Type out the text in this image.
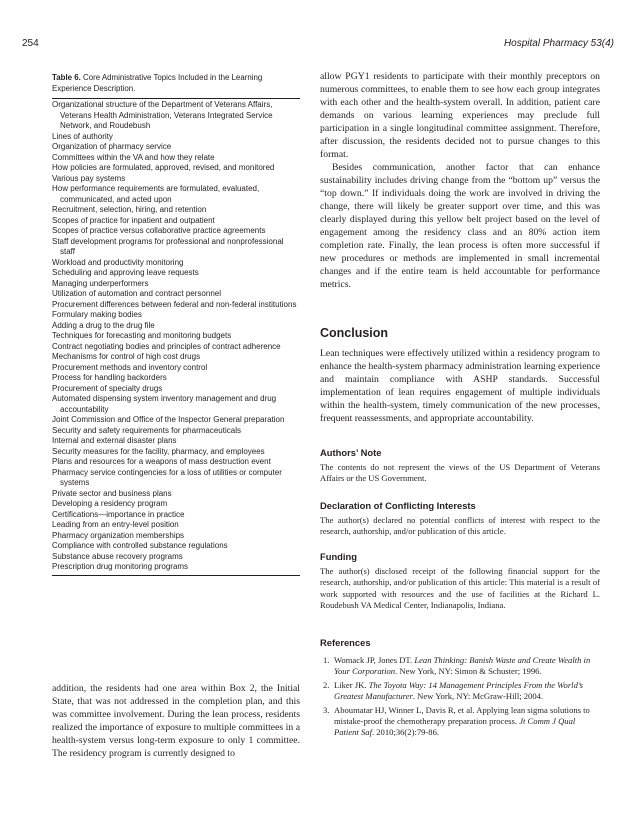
254	Hospital Pharmacy 53(4)
Table 6. Core Administrative Topics Included in the Learning Experience Description.
Organizational structure of the Department of Veterans Affairs, Veterans Health Administration, Veterans Integrated Service Network, and Roudebush
Lines of authority
Organization of pharmacy service
Committees within the VA and how they relate
How policies are formulated, approved, revised, and monitored
Various pay systems
How performance requirements are formulated, evaluated, communicated, and acted upon
Recruitment, selection, hiring, and retention
Scopes of practice for inpatient and outpatient
Scopes of practice versus collaborative practice agreements
Staff development programs for professional and nonprofessional staff
Workload and productivity monitoring
Scheduling and approving leave requests
Managing underperformers
Utilization of automation and contract personnel
Procurement differences between federal and non-federal institutions
Formulary making bodies
Adding a drug to the drug file
Techniques for forecasting and monitoring budgets
Contract negotiating bodies and principles of contract adherence
Mechanisms for control of high cost drugs
Procurement methods and inventory control
Process for handling backorders
Procurement of specialty drugs
Automated dispensing system inventory management and drug accountability
Joint Commission and Office of the Inspector General preparation
Security and safety requirements for pharmaceuticals
Internal and external disaster plans
Security measures for the facility, pharmacy, and employees
Plans and resources for a weapons of mass destruction event
Pharmacy service contingencies for a loss of utilities or computer systems
Private sector and business plans
Developing a residency program
Certifications—importance in practice
Leading from an entry-level position
Pharmacy organization memberships
Compliance with controlled substance regulations
Substance abuse recovery programs
Prescription drug monitoring programs

addition, the residents had one area within Box 2, the Initial State, that was not addressed in the completion plan, and this was committee involvement. During the lean process, residents realized the importance of exposure to multiple committees in a health-system versus long-term exposure to only 1 committee. The residency program is currently designed to

allow PGY1 residents to participate with their monthly preceptors on numerous committees, to enable them to see how each group integrates with each other and the health-system overall. In addition, patient care demands on various learning experiences may preclude full participation in a single longitudinal committee assignment. Therefore, after discussion, the residents decided not to pursue changes to this format.

Besides communication, another factor that can enhance sustainability includes driving change from the “bottom up” versus the “top down.” If individuals doing the work are involved in driving the change, there will likely be greater support over time, and this was clearly displayed during this yellow belt project based on the level of engagement among the residency class and an 80% action item completion rate. Finally, the lean process is often more successful if new procedures or methods are implemented in small incremental changes and if the entire team is held accountable for performance metrics.

Conclusion

Lean techniques were effectively utilized within a residency program to enhance the health-system pharmacy administration learning experience and maintain compliance with ASHP standards. Successful implementation of lean requires engagement of multiple individuals within the health-system, timely communication of the new processes, frequent reassessments, and appropriate accountability.

Authors’ Note

The contents do not represent the views of the US Department of Veterans Affairs or the US Government.

Declaration of Conflicting Interests

The author(s) declared no potential conflicts of interest with respect to the research, authorship, and/or publication of this article.

Funding

The author(s) disclosed receipt of the following financial support for the research, authorship, and/or publication of this article: This material is a result of work supported with resources and the use of facilities at the Richard L. Roudebush VA Medical Center, Indianapolis, Indiana.

References
1. Womack JP, Jones DT. Lean Thinking: Banish Waste and Create Wealth in Your Corporation. New York, NY: Simon & Schuster; 1996.
2. Liker JK. The Toyota Way: 14 Management Principles From the World’s Greatest Manufacturer. New York, NY: McGraw-Hill; 2004.
3. Aboumatar HJ, Winner L, Davis R, et al. Applying lean sigma solutions to mistake-proof the chemotherapy preparation process. Jt Comm J Qual Patient Saf. 2010;36(2):79-86.
